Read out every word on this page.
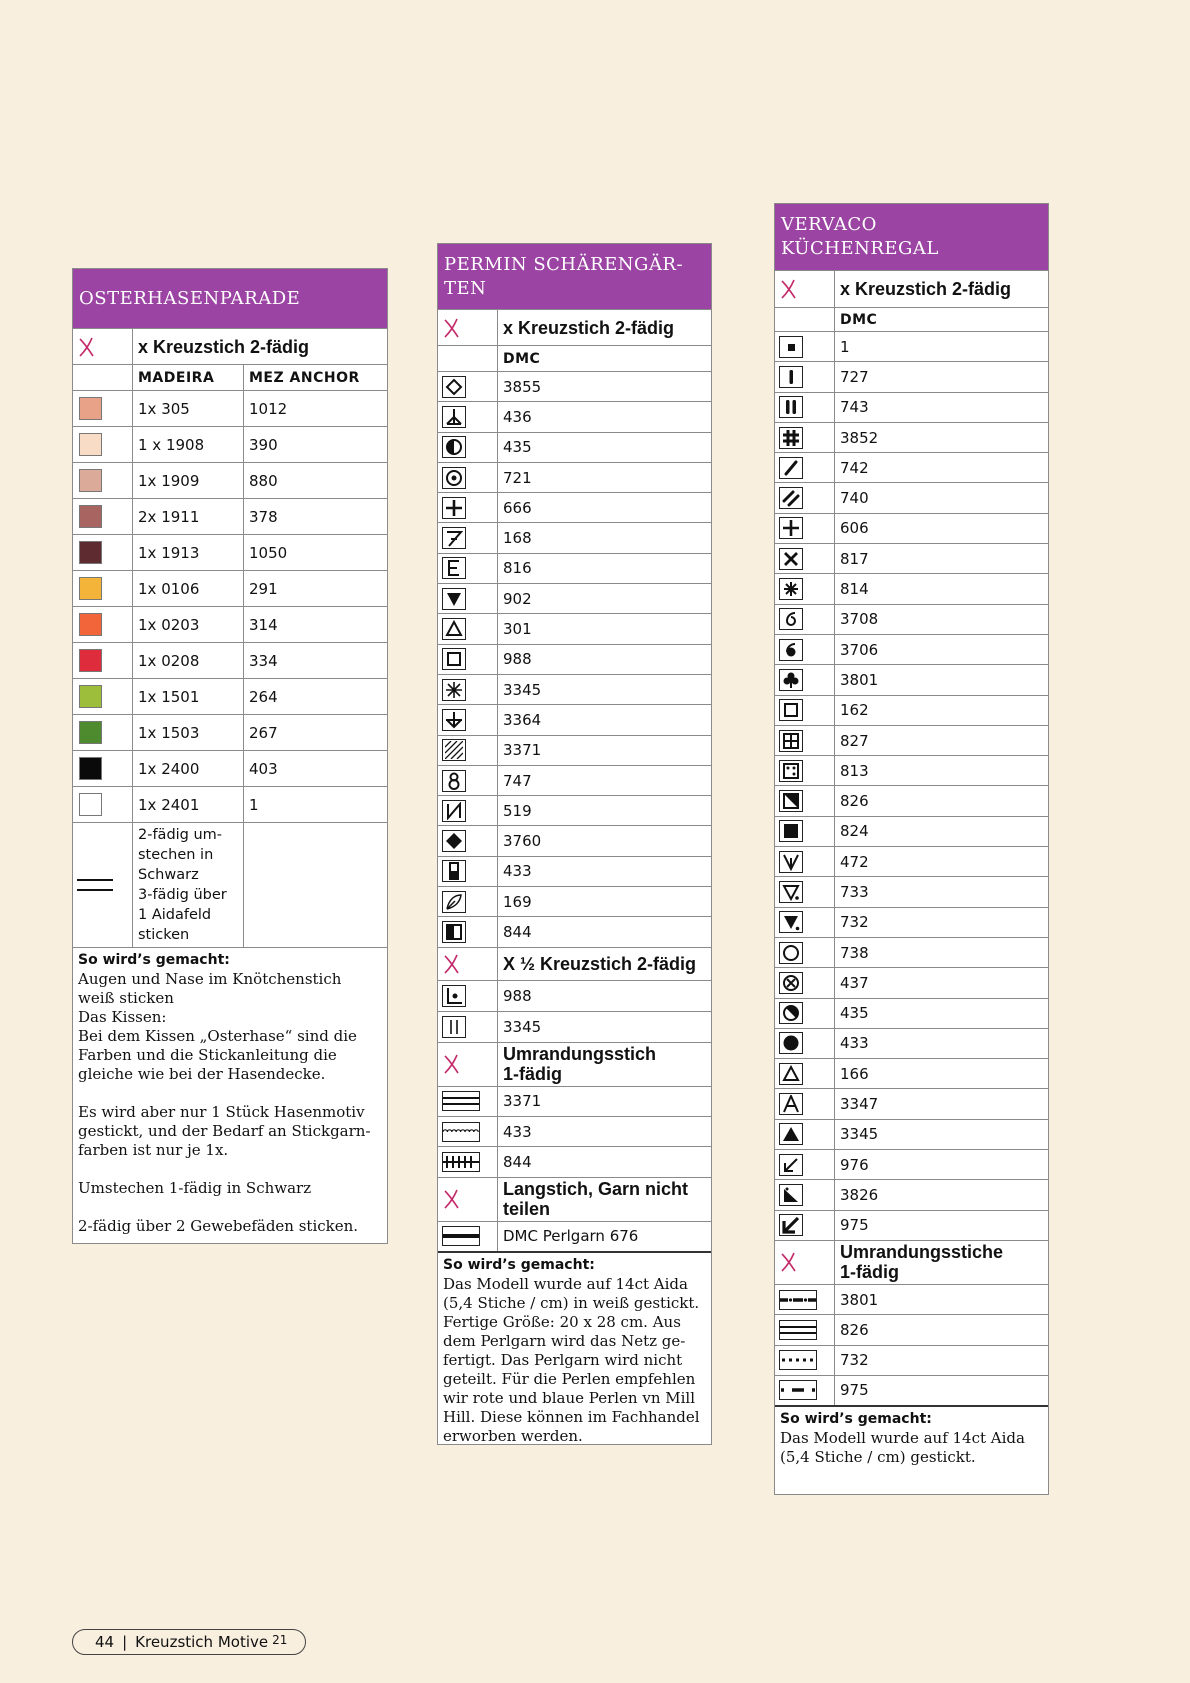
OSTERHASENPARADE
x Kreuzstich 2-fädig
MADEIRA	MEZ ANCHOR
1x 305	1012
1 x 1908	390
1x 1909	880
2x 1911	378
1x 1913	1050
1x 0106	291
1x 0203	314
1x 0208	334
1x 1501	264
1x 1503	267
1x 2400	403
1x 2401	1
2-fädig um-
stechen in
Schwarz
3-fädig über
1 Aidafeld
sticken
So wird’s gemacht:

Augen und Nase im Knötchenstich

weiß sticken

Das Kissen:

Bei dem Kissen „Osterhase“ sind die

Farben und die Stickanleitung die

gleiche wie bei der Hasendecke.

Es wird aber nur 1 Stück Hasenmotiv

gestickt, und der Bedarf an Stickgarn-

farben ist nur je 1x.

Umstechen 1-fädig in Schwarz

2-fädig über 2 Gewebefäden sticken.

PERMIN SCHÄRENGÄR-
TEN
x Kreuzstich 2-fädig
DMC
3855
436
435
721
666
168
816
902
301
988
3345
3364
3371
747
519
3760
433
169
844
X ½ Kreuzstich 2-fädig
988
3345
Umrandungsstich
1-fädig
3371
433
844
Langstich, Garn nicht
teilen
DMC Perlgarn 676
So wird’s gemacht:

Das Modell wurde auf 14ct Aida

(5,4 Stiche / cm) in weiß gestickt.

Fertige Größe: 20 x 28 cm. Aus

dem Perlgarn wird das Netz ge-

fertigt. Das Perlgarn wird nicht

geteilt. Für die Perlen empfehlen

wir rote und blaue Perlen vn Mill

Hill. Diese können im Fachhandel

erworben werden.

VERVACO
KÜCHENREGAL
x Kreuzstich 2-fädig
DMC
1
727
743
3852
742
740
606
817
814
3708
3706
3801
162
827
813
826
824
472
733
732
738
437
435
433
166
3347
3345
976
3826
975
Umrandungsstiche
1-fädig
3801
826
732
975
So wird’s gemacht:

Das Modell wurde auf 14ct Aida

(5,4 Stiche / cm) gestickt.

44 | Kreuzstich Motive 21
